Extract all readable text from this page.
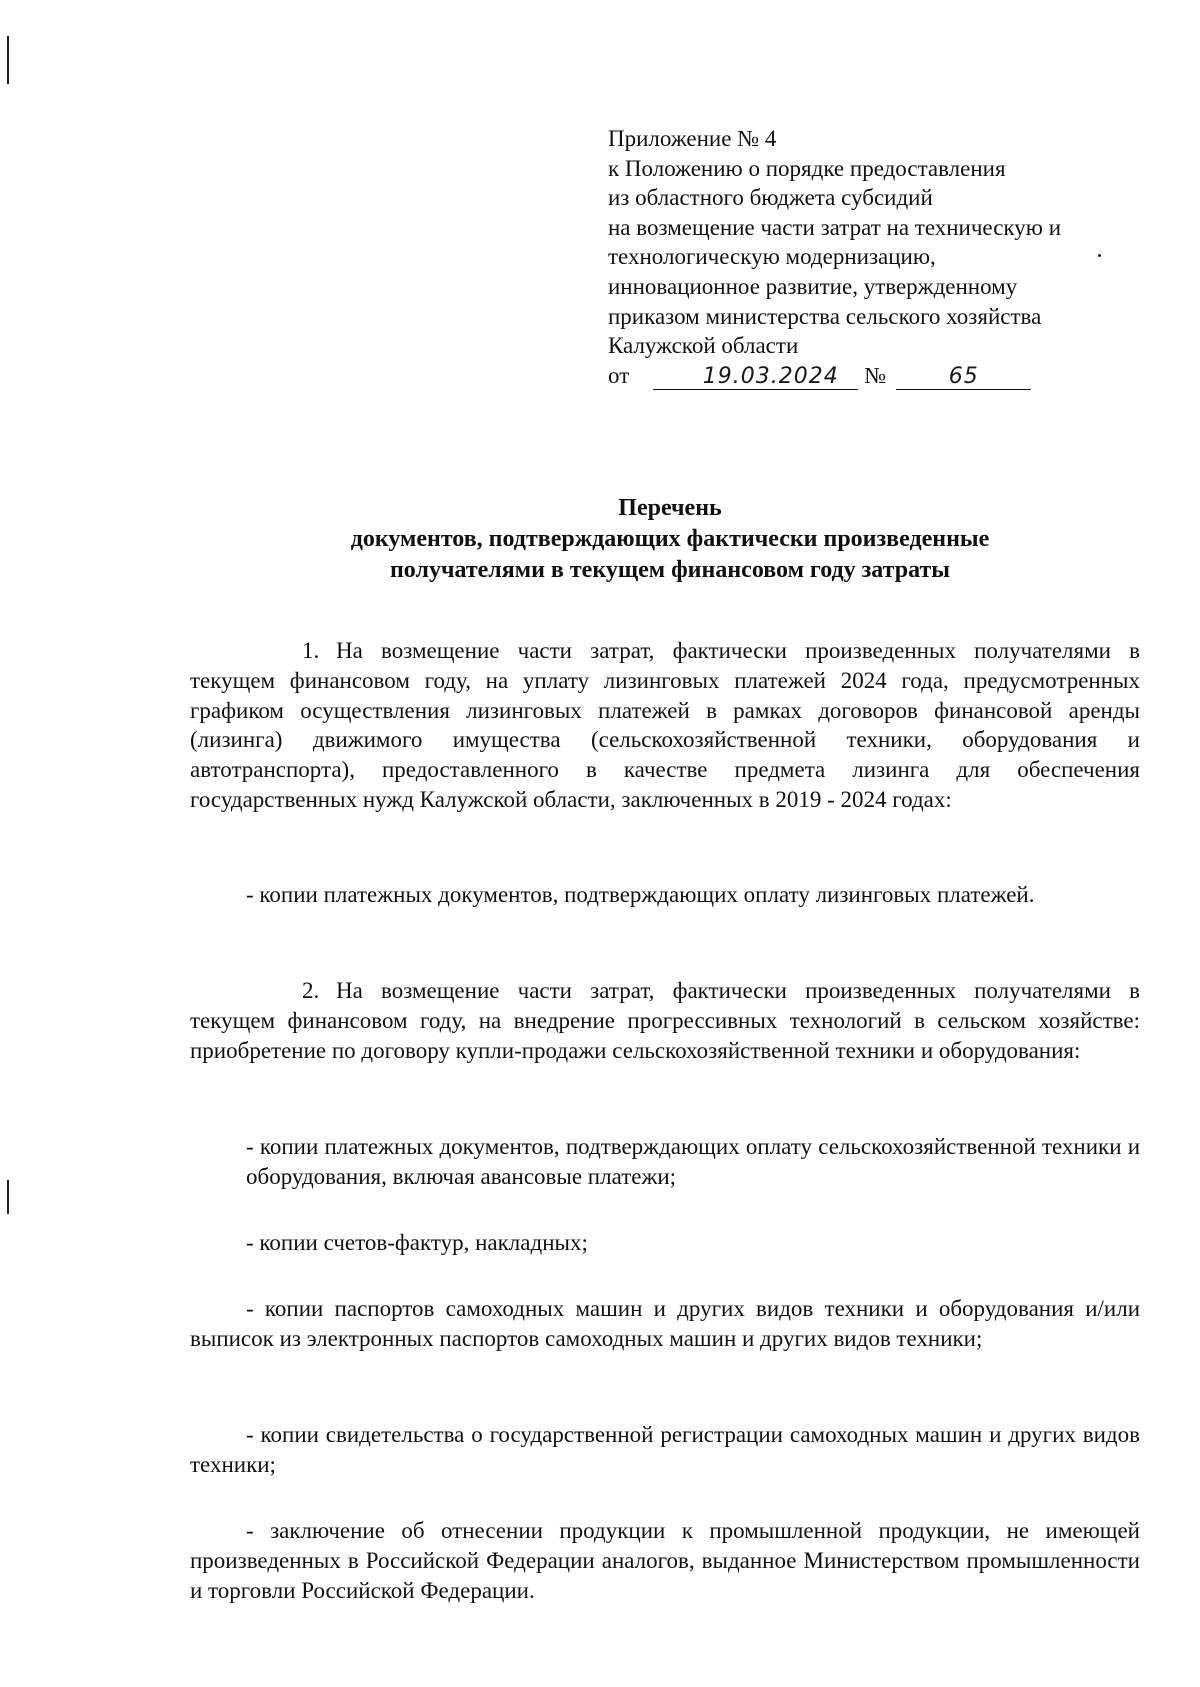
Приложение № 4
к Положению о порядке предоставления
из областного бюджета субсидий
на возмещение части затрат на техническую и
технологическую модернизацию,
инновационное развитие, утвержденному
приказом министерства сельского хозяйства
Калужской области
от	19.03.2024	№	65
Перечень
документов, подтверждающих фактически произведенные
получателями в текущем финансовом году затраты
1. На возмещение части затрат, фактически произведенных получателями в текущем финансовом году, на уплату лизинговых платежей 2024 года, предусмотренных графиком осуществления лизинговых платежей в рамках договоров финансовой аренды (лизинга) движимого имущества (сельскохозяйственной техники, оборудования и автотранспорта), предоставленного в качестве предмета лизинга для обеспечения государственных нужд Калужской области, заключенных в 2019 - 2024 годах:
- копии платежных документов, подтверждающих оплату лизинговых платежей.
2. На возмещение части затрат, фактически произведенных получателями в текущем финансовом году, на внедрение прогрессивных технологий в сельском хозяйстве: приобретение по договору купли-продажи сельскохозяйственной техники и оборудования:
- копии платежных документов, подтверждающих оплату сельскохозяйственной техники и оборудования, включая авансовые платежи;
- копии счетов-фактур, накладных;
- копии паспортов самоходных машин и других видов техники и оборудования и/или выписок из электронных паспортов самоходных машин и других видов техники;
- копии свидетельства о государственной регистрации самоходных машин и других видов техники;
- заключение об отнесении продукции к промышленной продукции, не имеющей произведенных в Российской Федерации аналогов, выданное Министерством промышленности и торговли Российской Федерации.
